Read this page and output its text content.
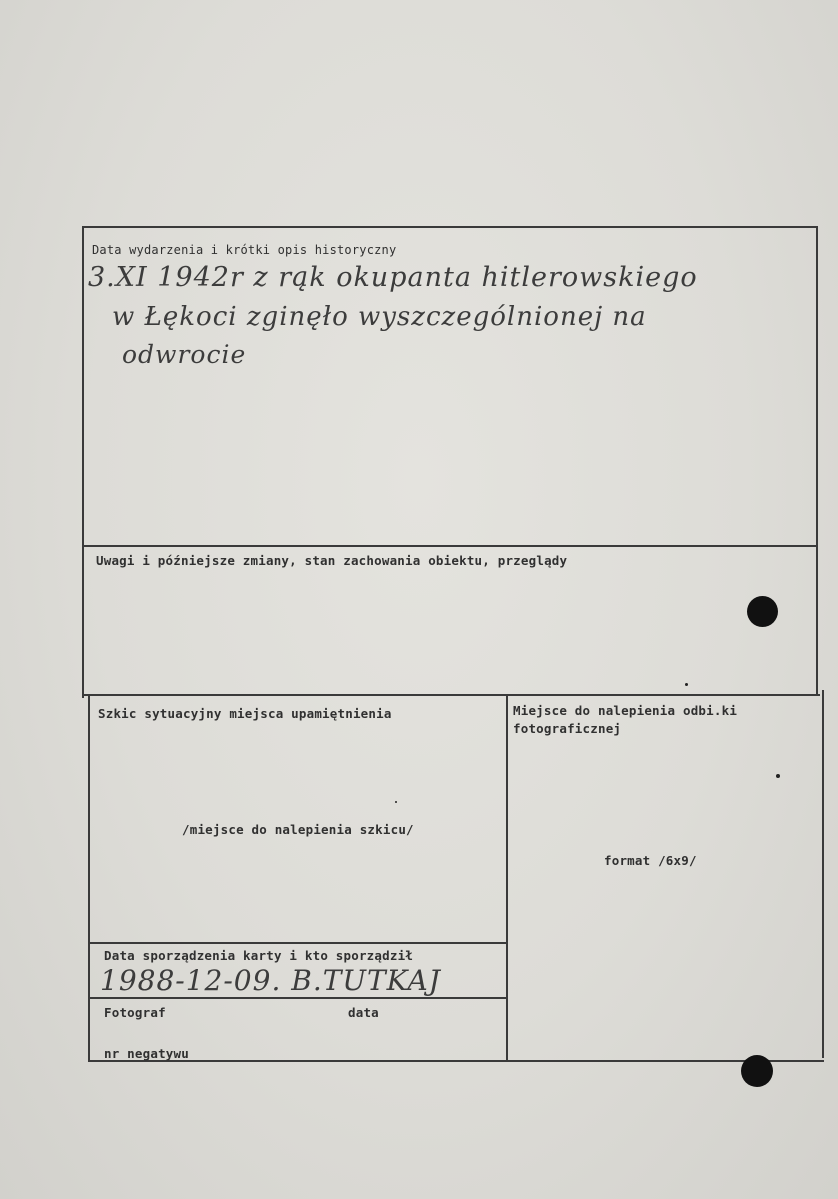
Data wydarzenia i krótki opis historyczny
3.XI 1942r z rąk okupanta hitlerowskiego
w Łękoci zginęło wyszczególnionej na
odwrocie
Uwagi i późniejsze zmiany, stan zachowania obiektu, przeglądy
Szkic sytuacyjny miejsca upamiętnienia
/miejsce do nalepienia szkicu/
Miejsce do nalepienia odbi.ki
fotograficznej
format /6x9/
Data sporządzenia karty i kto sporządził
1988-12-09. B.TUTKAJ
Fotograf	data
nr negatywu
